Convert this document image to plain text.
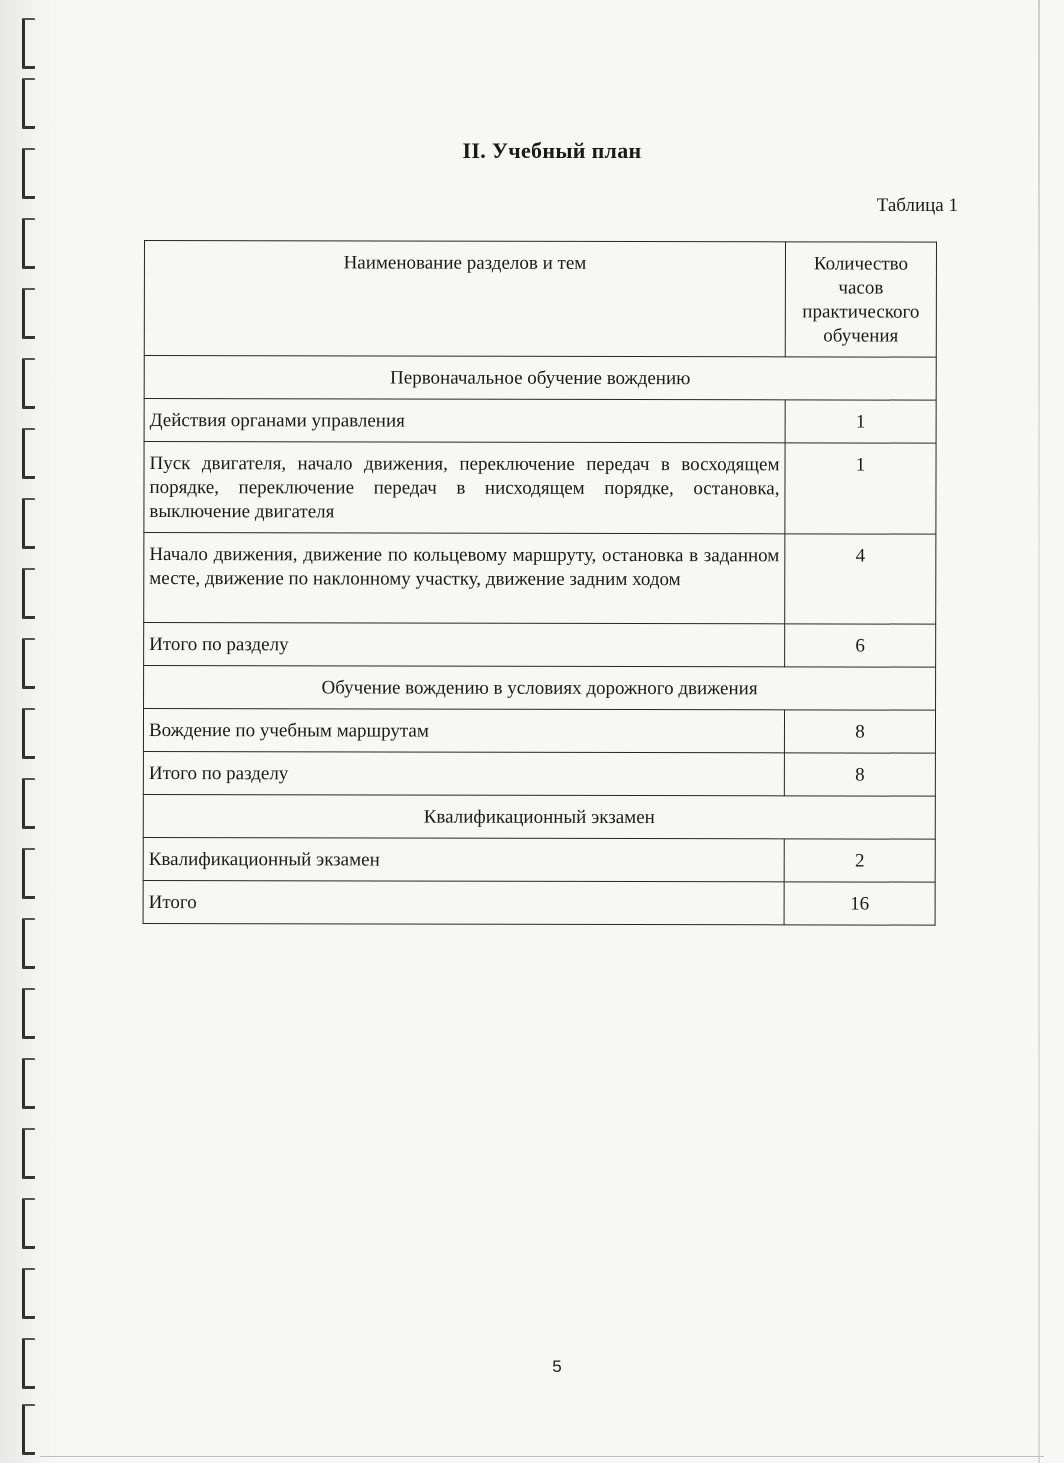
II. Учебный план
Таблица 1
Наименование разделов и тем	Количество часов практического обучения
Первоначальное обучение вождению	
Действия органами управления	1
Пуск двигателя, начало движения, переключение передач в восходящем порядке, переключение передач в нисходящем порядке, остановка, выключение двигателя	1
Начало движения, движение по кольцевому маршруту, остановка в заданном месте, движение по наклонному участку, движение задним ходом	4
Итого по разделу	6
Обучение вождению в условиях дорожного движения	
Вождение по учебным маршрутам	8
Итого по разделу	8
Квалификационный экзамен	
Квалификационный экзамен	2
Итого	16
5
